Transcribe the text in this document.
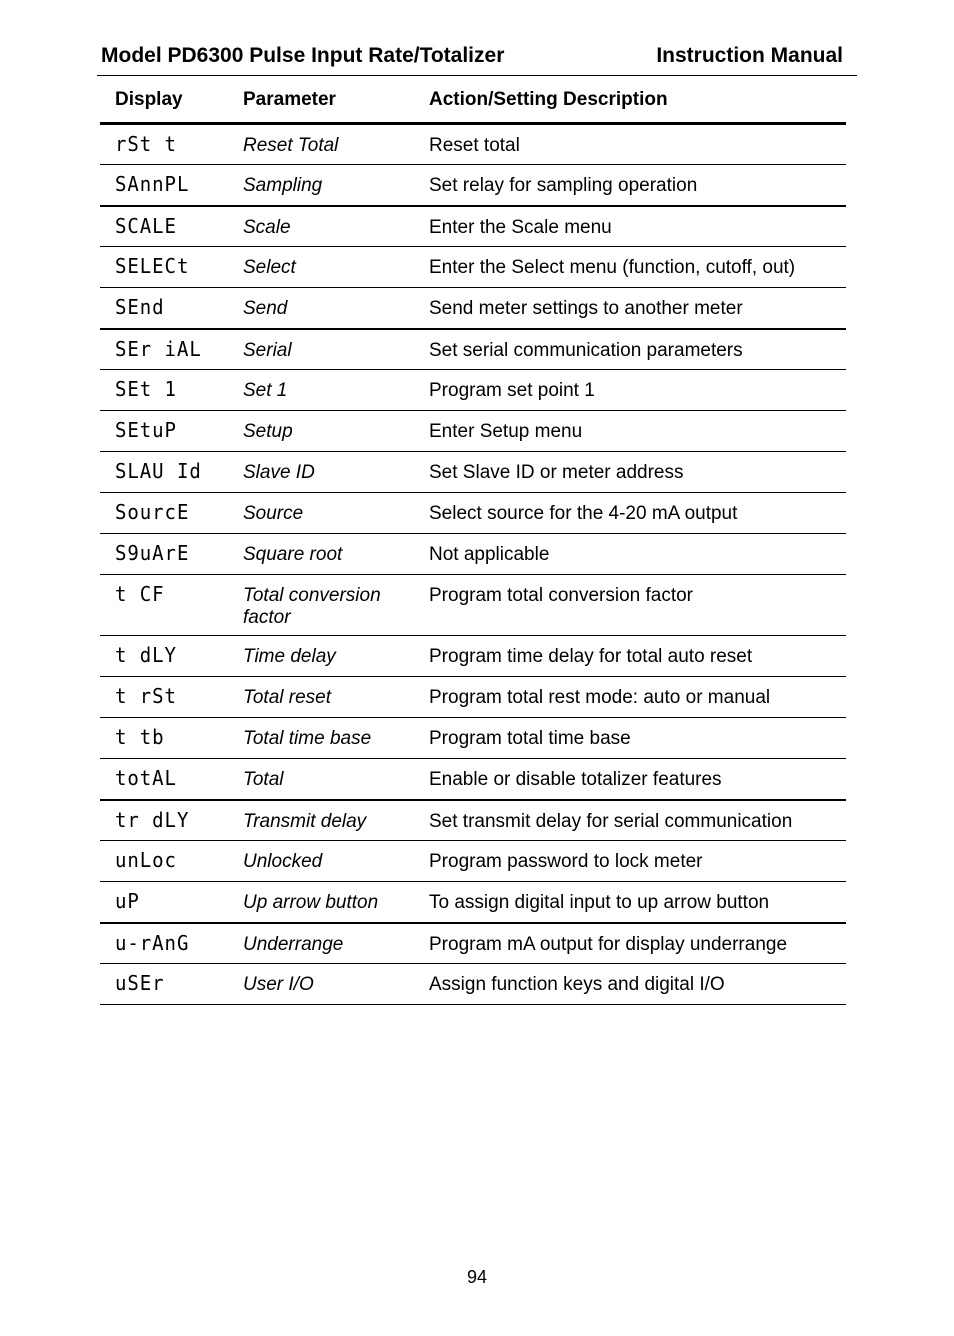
Model PD6300 Pulse Input Rate/Totalizer	Instruction Manual
Display	Parameter	Action/Setting Description
rSt t	Reset Total	Reset total
SAnnPL	Sampling	Set relay for sampling operation
SCALE	Scale	Enter the Scale menu
SELECt	Select	Enter the Select menu (function, cutoff, out)
SEnd	Send	Send meter settings to another meter
SEr iAL	Serial	Set serial communication parameters
SEt 1	Set 1	Program set point 1
SEtuP	Setup	Enter Setup menu
SLAU Id	Slave ID	Set Slave ID or meter address
SourcE	Source	Select source for the 4-20 mA output
S9uArE	Square root	Not applicable
t CF	Total conversion factor	Program total conversion factor
t dLY	Time delay	Program time delay for total auto reset
t rSt	Total reset	Program total rest mode: auto or manual
t tb	Total time base	Program total time base
totAL	Total	Enable or disable totalizer features
tr dLY	Transmit delay	Set transmit delay for serial communication
unLoc	Unlocked	Program password to lock meter
uP	Up arrow button	To assign digital input to up arrow button
u-rAnG	Underrange	Program mA output for display underrange
uSEr	User I/O	Assign function keys and digital I/O
94
